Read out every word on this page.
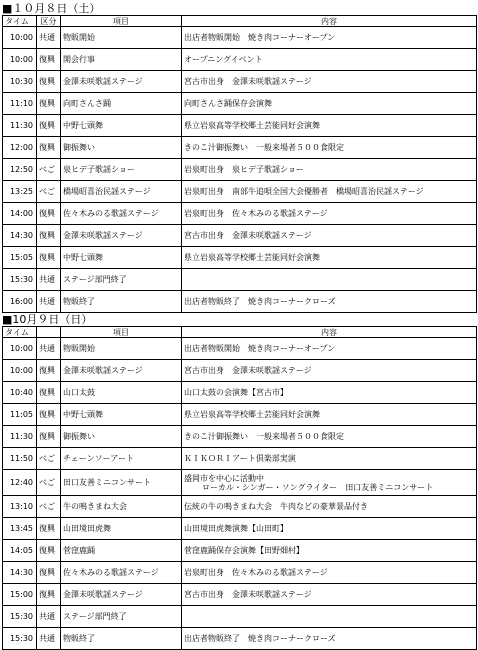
■１０月８日（土）
タイム	区分	項目	内容
10:00	共通	物販開始	出店者物販開始　焼き肉コーナーオープン
10:00	復興	開会行事	オープニングイベント
10:30	復興	金澤未咲歌謡ステージ	宮古市出身　金澤未咲歌謡ステージ
11:10	復興	向町さんさ踊	向町さんさ踊保存会演舞
11:30	復興	中野七頭舞	県立岩泉高等学校郷土芸能同好会演舞
12:00	復興	御振舞い	きのこ汁御振舞い　一般来場者５００食限定
12:50	べご	泉ヒデ子歌謡ショー	岩泉町出身　泉ヒデ子歌謡ショー
13:25	べご	橋場昭喜治民謡ステージ	岩泉町出身　南部牛追唄全国大会優勝者　橋場昭喜治民謡ステージ
14:00	復興	佐々木みのる歌謡ステージ	岩泉町出身　佐々木みのる歌謡ステージ
14:30	復興	金澤未咲歌謡ステージ	宮古市出身　金澤未咲歌謡ステージ
15:05	復興	中野七頭舞	県立岩泉高等学校郷土芸能同好会演舞
15:30	共通	ステージ部門終了	
16:00	共通	物販終了	出店者物販終了　焼き肉コーナークローズ
■10月９日（日）
タイム		項目	内容
10:00	共通	物販開始	出店者物販開始　焼き肉コーナーオープン
10:00	復興	金澤未咲歌謡ステージ	宮古市出身　金澤未咲歌謡ステージ
10:40	復興	山口太鼓	山口太鼓の会演舞【宮古市】
11:05	復興	中野七頭舞	県立岩泉高等学校郷土芸能同好会演舞
11:30	復興	御振舞い	きのこ汁御振舞い　一般来場者５００食限定
11:50	べご	チェーンソーアート	ＫＩＫＯＲＩアート倶楽部実演
12:40	べご	田口友善ミニコンサート	盛岡市を中心に活動中
ローカル・シンガー・ソングライター　田口友善ミニコンサート

13:10	べご	牛の鳴きまね大会	伝統の牛の鳴きまね大会　牛肉などの豪華景品付き
13:45	復興	山田境田虎舞	山田境田虎舞演舞【山田町】
14:05	復興	菅窪鹿踊	菅窪鹿踊保存会演舞【田野畑村】
14:30	復興	佐々木みのる歌謡ステージ	岩泉町出身　佐々木みのる歌謡ステージ
15:00	復興	金澤未咲歌謡ステージ	宮古市出身　金澤未咲歌謡ステージ
15:30	共通	ステージ部門終了	
15:30	共通	物販終了	出店者物販終了　焼き肉コーナークローズ
